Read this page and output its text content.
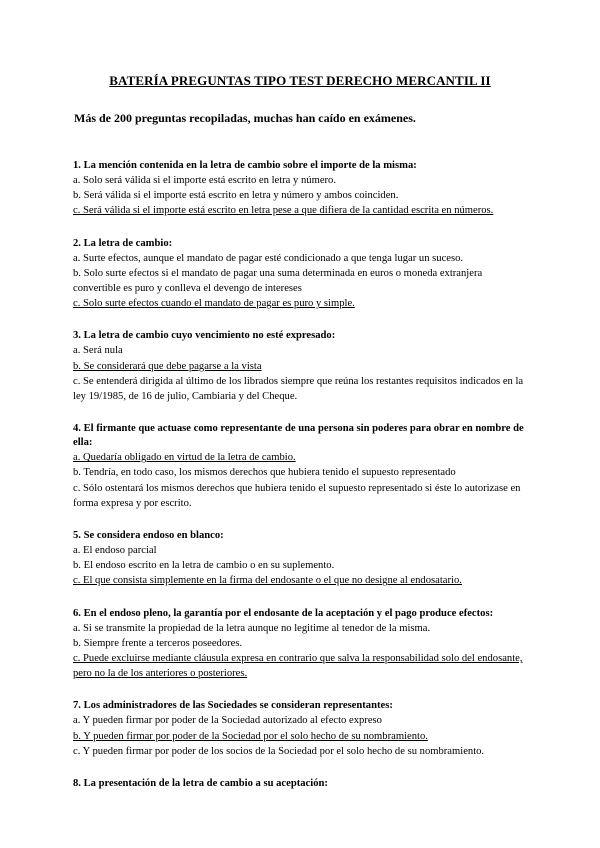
BATERÍA PREGUNTAS TIPO TEST DERECHO MERCANTIL II
Más de 200 preguntas recopiladas, muchas han caído en exámenes.
1. La mención contenida en la letra de cambio sobre el importe de la misma:
a. Solo será válida si el importe está escrito en letra y número.
b. Será válida si el importe está escrito en letra y número y ambos coinciden.
c. Será válida si el importe está escrito en letra pese a que difiera de la cantidad escrita en números.
2. La letra de cambio:
a. Surte efectos, aunque el mandato de pagar esté condicionado a que tenga lugar un suceso.
b. Solo surte efectos si el mandato de pagar una suma determinada en euros o moneda extranjera convertible es puro y conlleva el devengo de intereses
c. Solo surte efectos cuando el mandato de pagar es puro y simple.
3. La letra de cambio cuyo vencimiento no esté expresado:
a. Será nula
b. Se considerará que debe pagarse a la vista
c. Se entenderá dirigida al último de los librados siempre que reúna los restantes requisitos indicados en la ley 19/1985, de 16 de julio, Cambiaria y del Cheque.
4. El firmante que actuase como representante de una persona sin poderes para obrar en nombre de ella:
a. Quedaría obligado en virtud de la letra de cambio.
b. Tendría, en todo caso, los mismos derechos que hubiera tenido el supuesto representado
c. Sólo ostentará los mismos derechos que hubiera tenido el supuesto representado si éste lo autorizase en forma expresa y por escrito.
5. Se considera endoso en blanco:
a. El endoso parcial
b. El endoso escrito en la letra de cambio o en su suplemento.
c. El que consista simplemente en la firma del endosante o el que no designe al endosatario.
6. En el endoso pleno, la garantía por el endosante de la aceptación y el pago produce efectos:
a. Si se transmite la propiedad de la letra aunque no legitime al tenedor de la misma.
b. Siempre frente a terceros poseedores.
c. Puede excluirse mediante cláusula expresa en contrario que salva la responsabilidad solo del endosante, pero no la de los anteriores o posteriores.
7. Los administradores de las Sociedades se consideran representantes:
a. Y pueden firmar por poder de la Sociedad autorizado al efecto expreso
b. Y pueden firmar por poder de la Sociedad por el solo hecho de su nombramiento.
c. Y pueden firmar por poder de los socios de la Sociedad por el solo hecho de su nombramiento.
8. La presentación de la letra de cambio a su aceptación:
